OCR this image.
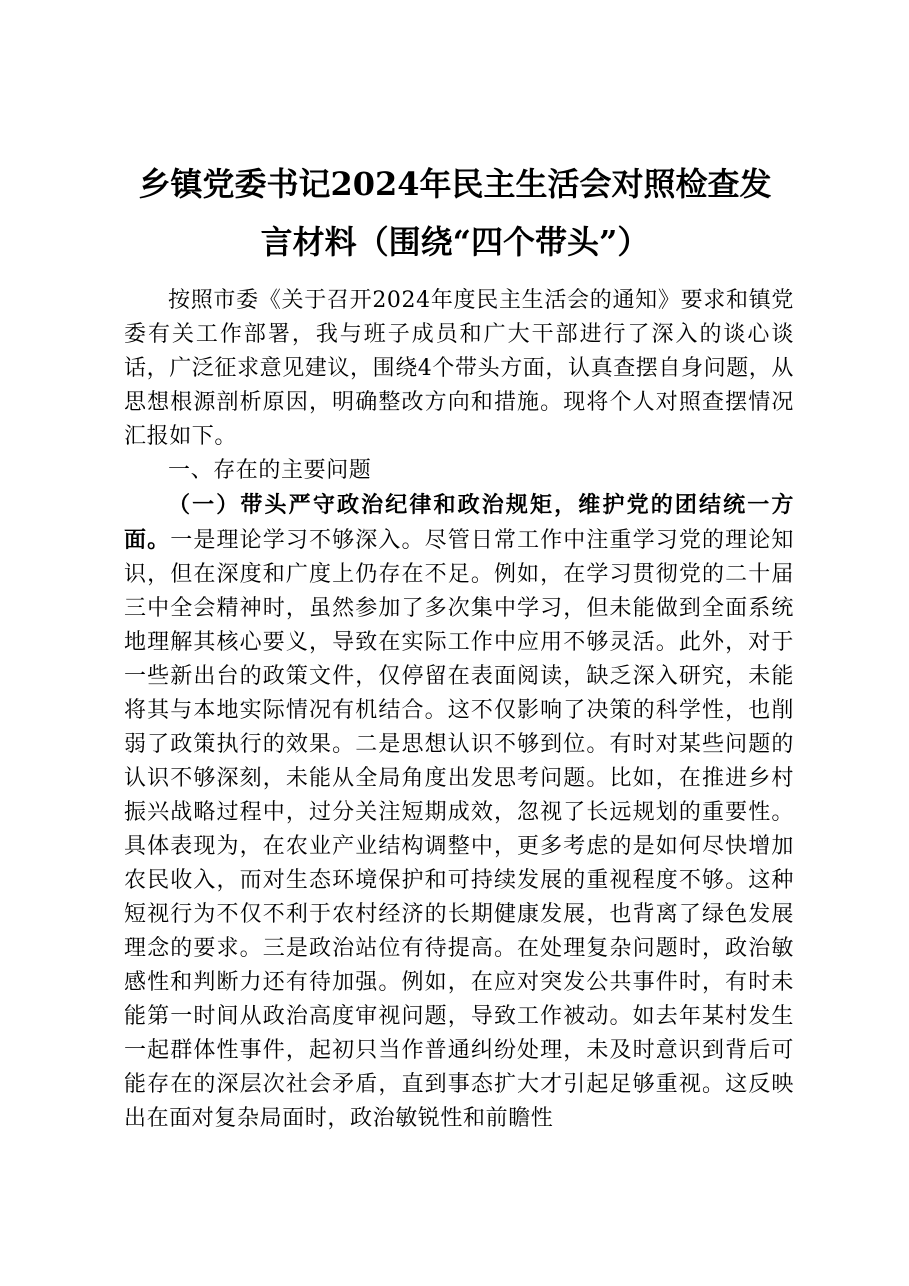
乡镇党委书记2024年民主生活会对照检查发
言材料（围绕“四个带头”）

按照市委《关于召开2024年度民主生活会的通知》要求和镇党委有关工作部署，我与班子成员和广大干部进行了深入的谈心谈话，广泛征求意见建议，围绕4个带头方面，认真查摆自身问题，从思想根源剖析原因，明确整改方向和措施。现将个人对照查摆情况汇报如下。

一、存在的主要问题

（一）带头严守政治纪律和政治规矩，维护党的团结统一方面。一是理论学习不够深入。尽管日常工作中注重学习党的理论知识，但在深度和广度上仍存在不足。例如，在学习贯彻党的二十届三中全会精神时，虽然参加了多次集中学习，但未能做到全面系统地理解其核心要义，导致在实际工作中应用不够灵活。此外，对于一些新出台的政策文件，仅停留在表面阅读，缺乏深入研究，未能将其与本地实际情况有机结合。这不仅影响了决策的科学性，也削弱了政策执行的效果。二是思想认识不够到位。有时对某些问题的认识不够深刻，未能从全局角度出发思考问题。比如，在推进乡村振兴战略过程中，过分关注短期成效，忽视了长远规划的重要性。具体表现为，在农业产业结构调整中，更多考虑的是如何尽快增加农民收入，而对生态环境保护和可持续发展的重视程度不够。这种短视行为不仅不利于农村经济的长期健康发展，也背离了绿色发展理念的要求。三是政治站位有待提高。在处理复杂问题时，政治敏感性和判断力还有待加强。例如，在应对突发公共事件时，有时未能第一时间从政治高度审视问题，导致工作被动。如去年某村发生一起群体性事件，起初只当作普通纠纷处理，未及时意识到背后可能存在的深层次社会矛盾，直到事态扩大才引起足够重视。这反映出在面对复杂局面时，政治敏锐性和前瞻性
